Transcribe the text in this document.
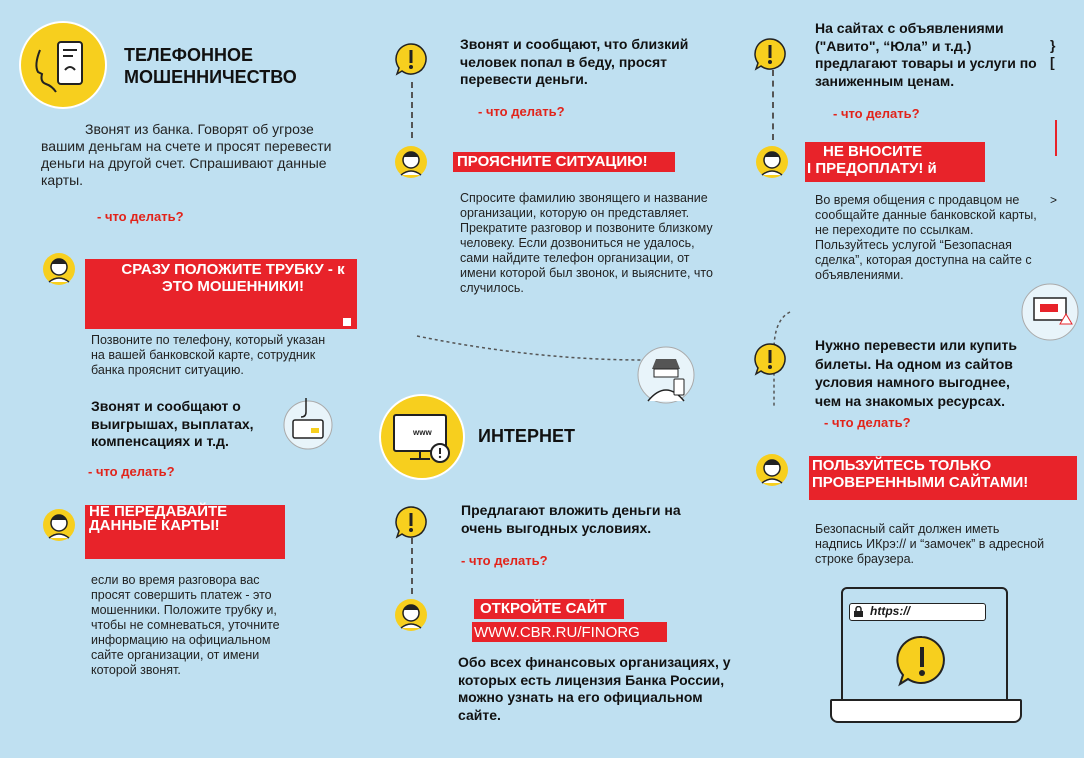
ТЕЛЕФОННОЕ
МОШЕННИЧЕСТВО
Звонят из банка. Говорят об угрозе вашим деньгам на счете и просят перевести деньги на другой счет. Спрашивают данные карты.
- что делать?
СРАЗУ ПОЛОЖИТЕ ТРУБКУ - к ЭТО МОШЕННИКИ!
Позвоните по телефону, который указан на вашей банковской карте, сотрудник банка прояснит ситуацию.
Звонят и сообщают о выигрышах, выплатах, компенсациях и т.д.
- что делать?
НЕ ПЕРЕДАВАЙТЕ ДАННЫЕ КАРТЫ!
если во время разговора вас просят совершить платеж - это мошенники. Положите трубку и, чтобы не сомневаться, уточните информацию на официальном сайте организации, от имени которой звонят.
Звонят и сообщают, что близкий человек попал в беду, просят перевести деньги.
- что делать?
ПРОЯСНИТЕ СИТУАЦИЮ!
Спросите фамилию звонящего и название организации, которую он представляет. Прекратите разговор и позвоните близкому человеку. Если дозвониться не удалось, сами найдите телефон организации, от имени которой был звонок, и выясните, что случилось.
www	ИНТЕРНЕТ
Предлагают вложить деньги на очень выгодных условиях.
- что делать?
ОТКРОЙТЕ САЙТ
WWW.CBR.RU/FINORG
Обо всех финансовых организациях, у которых есть лицензия Банка России, можно узнать на его официальном сайте.
На сайтах с объявлениями ("Авито", “Юла” и т.д.) предлагают товары и услуги по заниженным ценам.
}
[
- что делать?
НЕ ВНОСИТЕ
I ПРЕДОПЛАТУ! й
Во время общения с продавцом не сообщайте данные банковской карты, не переходите по ссылкам. Пользуйтесь услугой “Безопасная сделка”, которая доступна на сайте с объявлениями.
>
Нужно перевести или купить билеты. На одном из сайтов условия намного выгоднее, чем на знакомых ресурсах.
- что делать?
ПОЛЬЗУЙТЕСЬ ТОЛЬКО ПРОВЕРЕННЫМИ САЙТАМИ!
Безопасный сайт должен иметь надпись ИКрэ:// и “замочек” в адресной строке браузера.
https://
